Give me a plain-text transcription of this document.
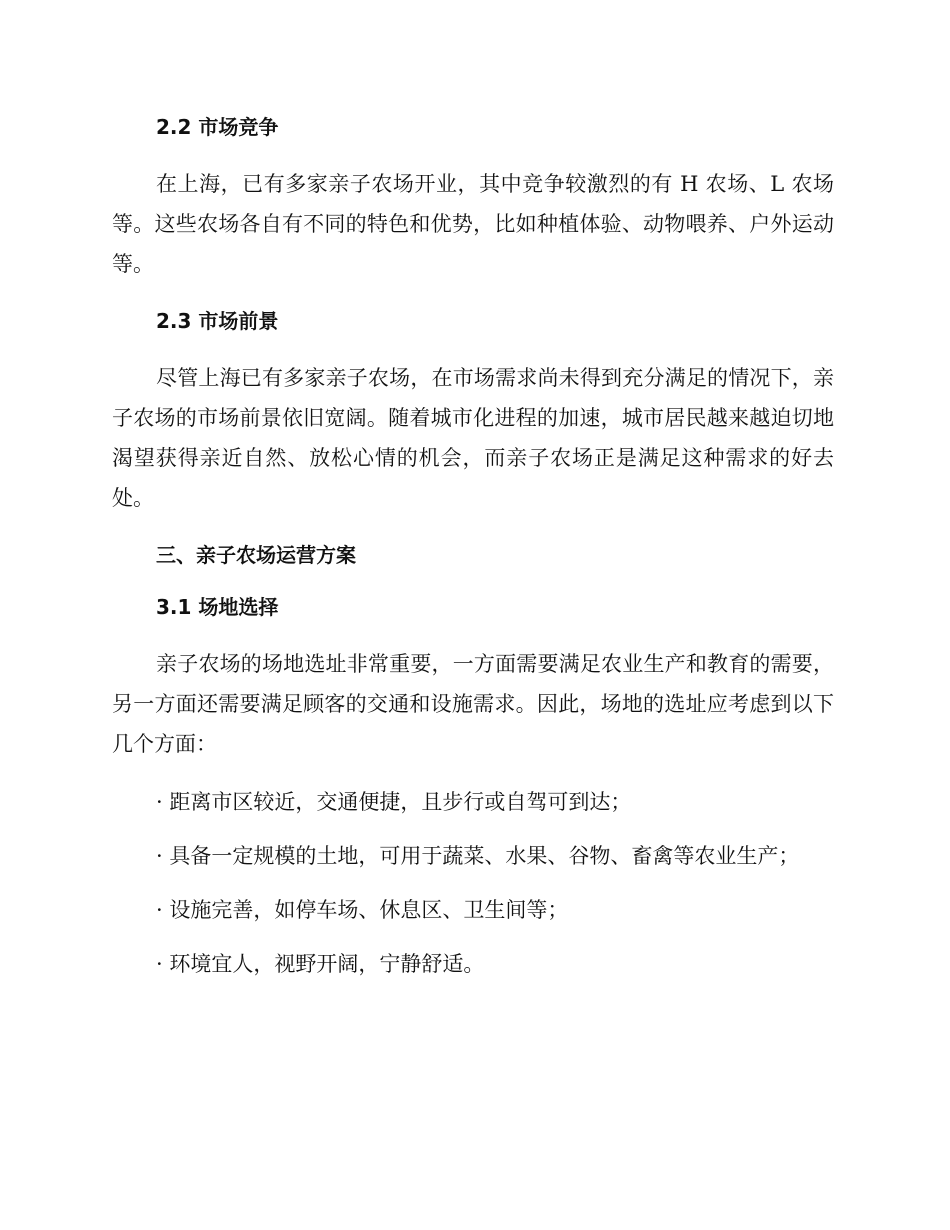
2.2 市场竞争

在上海，已有多家亲子农场开业，其中竞争较激烈的有 H 农场、L 农场等。这些农场各自有不同的特色和优势，比如种植体验、动物喂养、户外运动等。

2.3 市场前景

尽管上海已有多家亲子农场，在市场需求尚未得到充分满足的情况下，亲子农场的市场前景依旧宽阔。随着城市化进程的加速，城市居民越来越迫切地渴望获得亲近自然、放松心情的机会，而亲子农场正是满足这种需求的好去处。

三、亲子农场运营方案
3.1 场地选择

亲子农场的场地选址非常重要，一方面需要满足农业生产和教育的需要，另一方面还需要满足顾客的交通和设施需求。因此，场地的选址应考虑到以下几个方面：

· 距离市区较近，交通便捷，且步行或自驾可到达；

· 具备一定规模的土地，可用于蔬菜、水果、谷物、畜禽等农业生产；

· 设施完善，如停车场、休息区、卫生间等；

· 环境宜人，视野开阔，宁静舒适。
